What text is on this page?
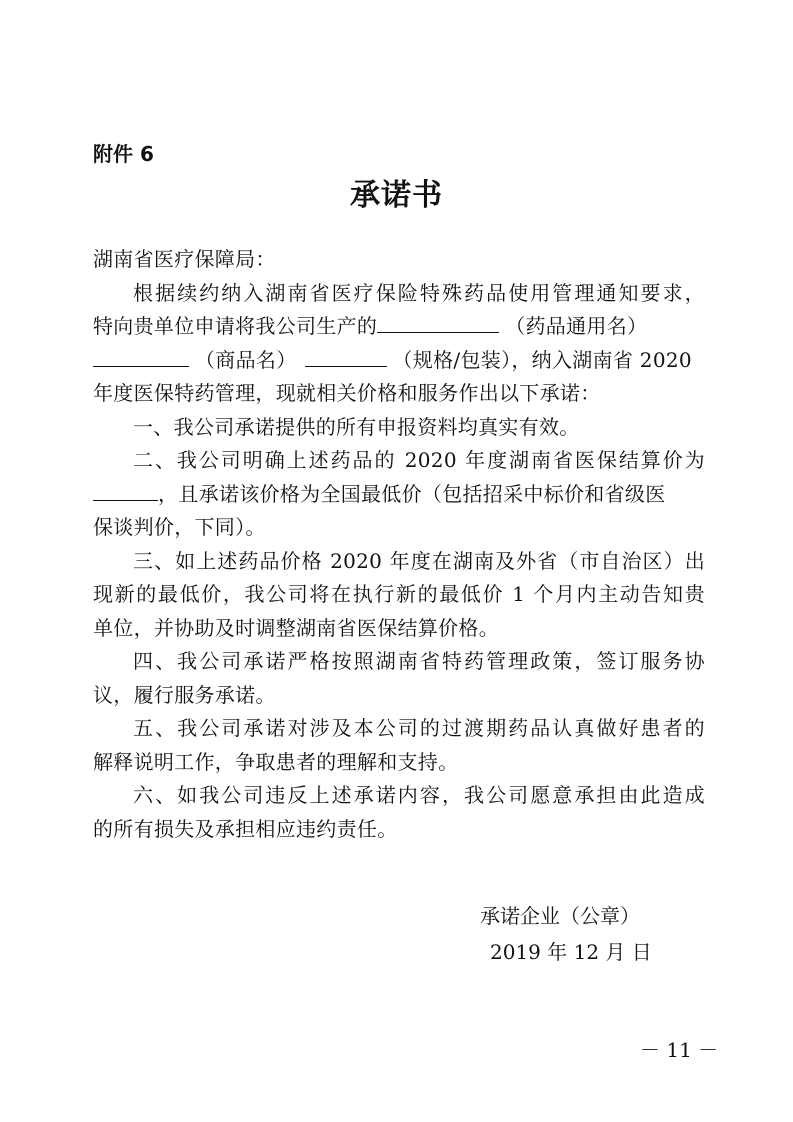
附件 6
承诺书
湖南省医疗保障局：
根据续约纳入湖南省医疗保险特殊药品使用管理通知要求，
特向贵单位申请将我公司生产的	（药品通用名）
（商品名）	（规格/包装），纳入湖南省 2020
年度医保特药管理，现就相关价格和服务作出以下承诺：
一、我公司承诺提供的所有申报资料均真实有效。
二、我公司明确上述药品的 2020 年度湖南省医保结算价为
，且承诺该价格为全国最低价（包括招采中标价和省级医
保谈判价，下同）。
三、如上述药品价格 2020 年度在湖南及外省（市自治区）出
现新的最低价，我公司将在执行新的最低价 1 个月内主动告知贵
单位，并协助及时调整湖南省医保结算价格。
四、我公司承诺严格按照湖南省特药管理政策，签订服务协
议，履行服务承诺。
五、我公司承诺对涉及本公司的过渡期药品认真做好患者的
解释说明工作，争取患者的理解和支持。
六、如我公司违反上述承诺内容，我公司愿意承担由此造成
的所有损失及承担相应违约责任。
承诺企业（公章）
2019 年 12 月 日
－ 11 －
